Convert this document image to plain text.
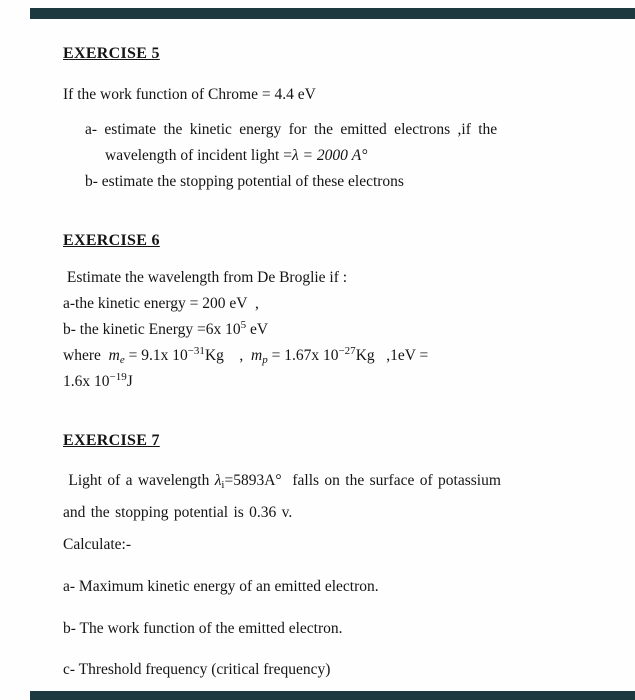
EXERCISE 5

If the work function of Chrome = 4.4 eV

a- estimate the kinetic energy for the emitted electrons ,if the

wavelength of incident light =λ = 2000 A°

b- estimate the stopping potential of these electrons

EXERCISE 6

Estimate the wavelength from De Broglie if :

a-the kinetic energy = 200 eV  ,

b- the kinetic Energy =6x $10^5$ eV

where  $m_e = 9.1x$ $10^{-31}Kg$    ,  $m_p = 1.67x$ $10^{-27}Kg$   ,1eV =

1.6x $10^{-19}J$

EXERCISE 7

Light of a wavelength $\lambda_i=5893A^\circ$  falls on the surface of potassium

and the stopping potential is 0.36 v.

Calculate:-

a- Maximum kinetic energy of an emitted electron.

b- The work function of the emitted electron.

c- Threshold frequency (critical frequency)
